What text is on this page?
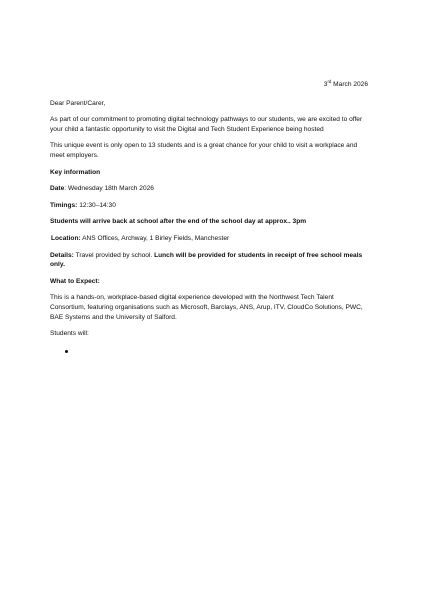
3rd March 2026

Dear Parent/Carer,

As part of our commitment to promoting digital technology pathways to our students, we are excited to offer your child a fantastic opportunity to visit the Digital and Tech Student Experience being hosted

This unique event is only open to 13 students and is a great chance for your child to visit a workplace and meet employers.

Key information

Date: Wednesday 18th March 2026

Timings: 12:30–14:30

Students will arrive back at school after the end of the school day at approx.. 3pm

Location: ANS Offices, Archway, 1 Birley Fields, Manchester

Details: Travel provided by school. Lunch will be provided for students in receipt of free school meals only.

What to Expect:

This is a hands-on, workplace-based digital experience developed with the Northwest Tech Talent Consortium, featuring organisations such as Microsoft, Barclays, ANS, Arup, ITV, CloudCo Solutions, PWC, BAE Systems and the University of Salford.

Students will:
